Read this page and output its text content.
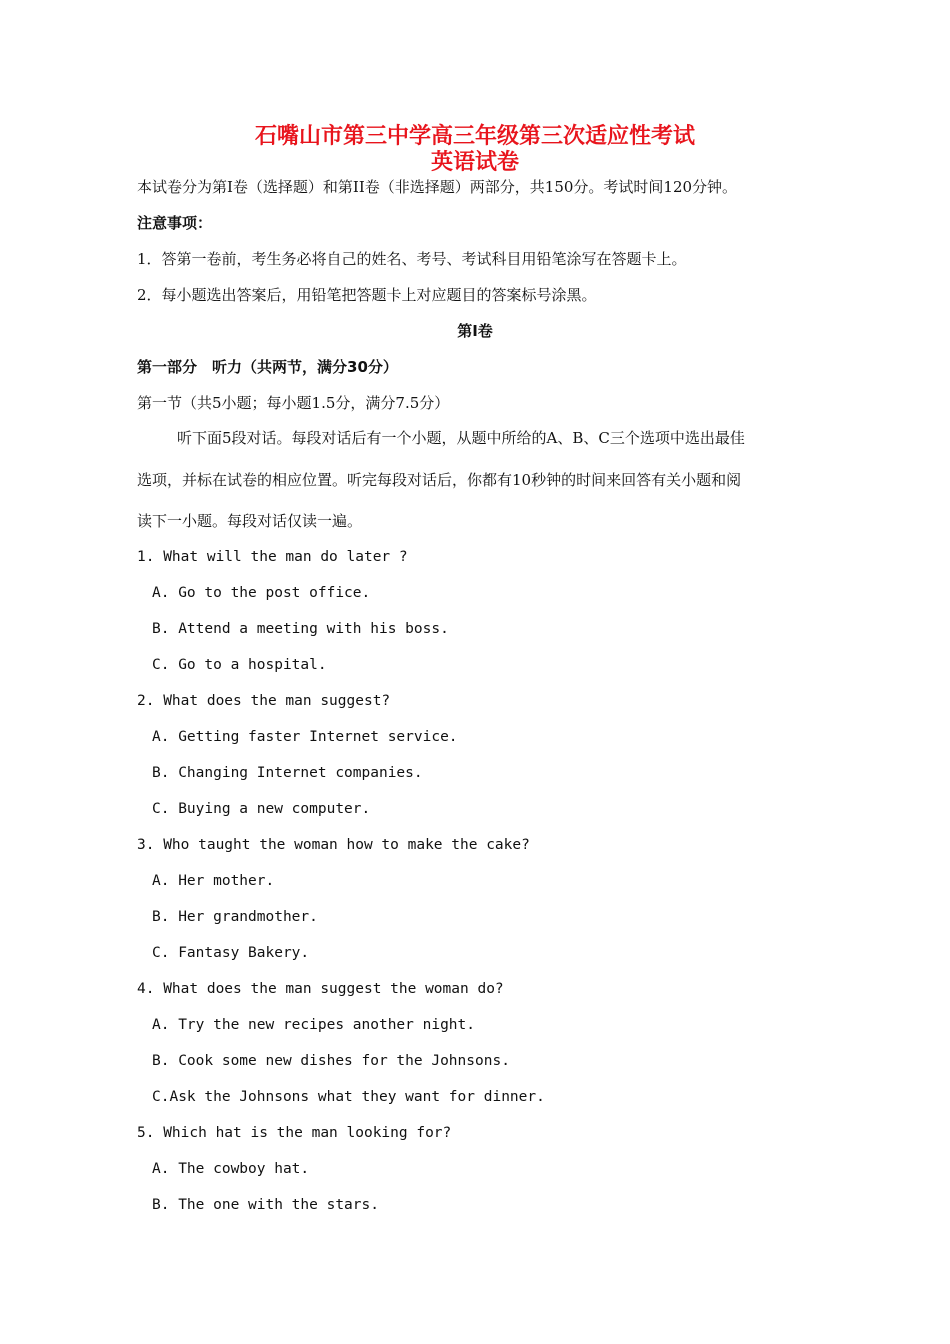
石嘴山市第三中学高三年级第三次适应性考试
英语试卷
本试卷分为第I卷（选择题）和第II卷（非选择题）两部分，共150分。考试时间120分钟。
注意事项：
1．答第一卷前，考生务必将自己的姓名、考号、考试科目用铅笔涂写在答题卡上。
2．每小题选出答案后，用铅笔把答题卡上对应题目的答案标号涂黑。
第I卷
第一部分　听力（共两节，满分30分）
第一节（共5小题；每小题1.5分，满分7.5分）
听下面5段对话。每段对话后有一个小题，从题中所给的A、B、C三个选项中选出最佳
选项，并标在试卷的相应位置。听完每段对话后，你都有10秒钟的时间来回答有关小题和阅
读下一小题。每段对话仅读一遍。
1. What will the man do later ?
A. Go to the post office.
B. Attend a meeting with his boss.
C. Go to a hospital.
2. What does the man suggest?
A. Getting faster Internet service.
B. Changing Internet companies.
C. Buying a new computer.
3. Who taught the woman how to make the cake?
A. Her mother.
B. Her grandmother.
C. Fantasy Bakery.
4. What does the man suggest the woman do?
A. Try the new recipes another night.
B. Cook some new dishes for the Johnsons.
C.Ask the Johnsons what they want for dinner.
5. Which hat is the man looking for?
A. The cowboy hat.
B. The one with the stars.
